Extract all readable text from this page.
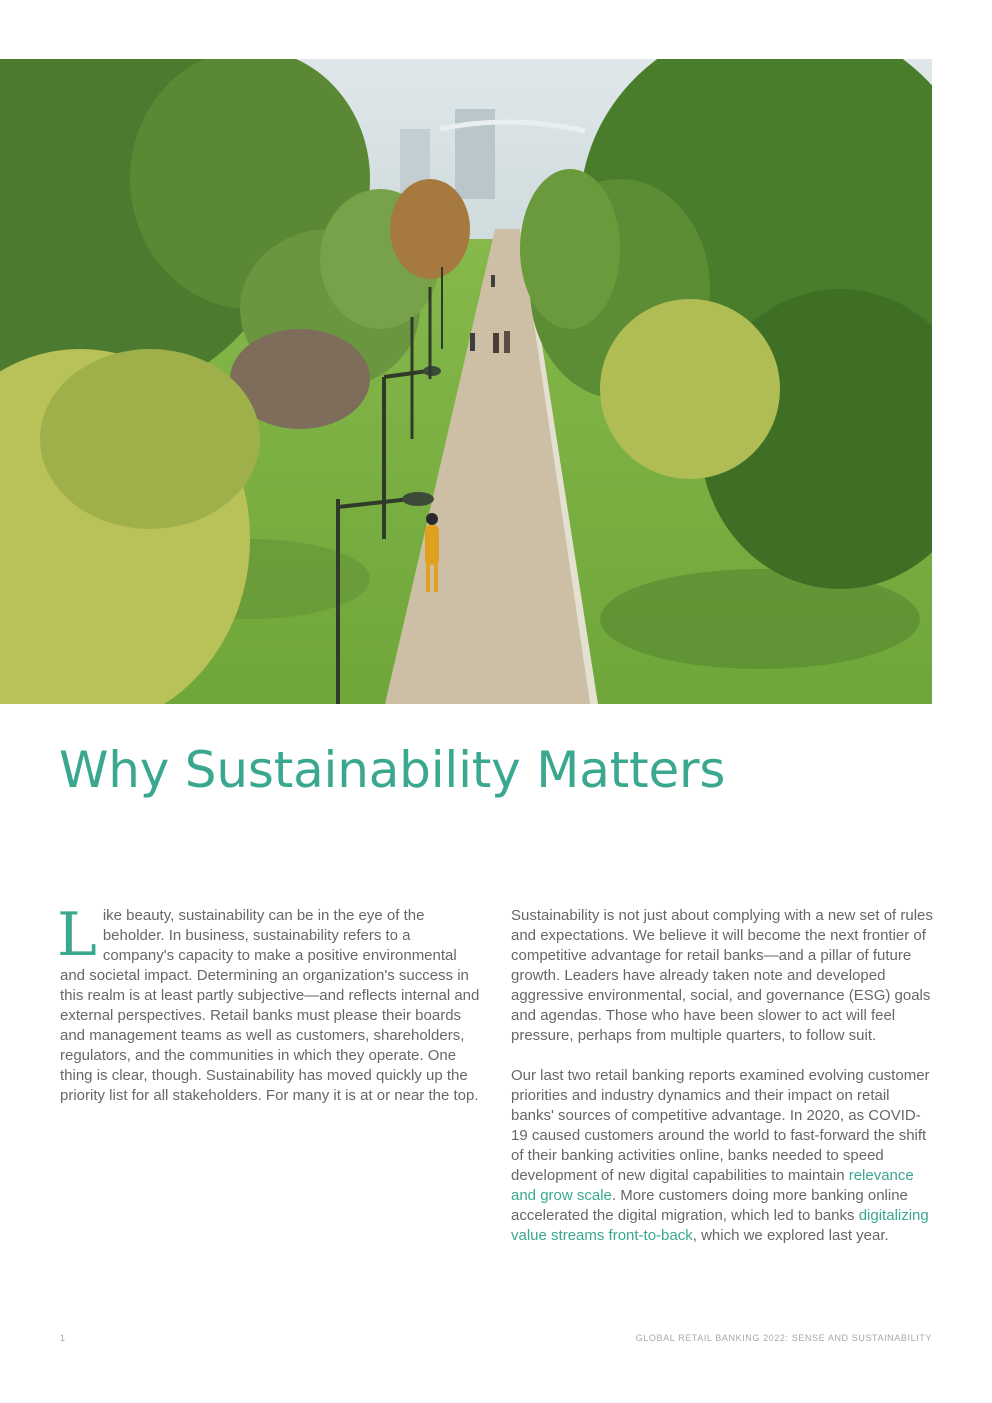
Why Sustainability Matters

Like beauty, sustainability can be in the eye of the beholder. In business, sustainability refers to a company's capacity to make a positive environmental and societal impact. Determining an organization's success in this realm is at least partly subjective—and reflects internal and external perspectives. Retail banks must please their boards and management teams as well as customers, shareholders, regulators, and the communities in which they operate. One thing is clear, though. Sustainability has moved quickly up the priority list for all stakeholders. For many it is at or near the top.

Sustainability is not just about complying with a new set of rules and expectations. We believe it will become the next frontier of competitive advantage for retail banks—and a pillar of future growth. Leaders have already taken note and developed aggressive environmental, social, and governance (ESG) goals and agendas. Those who have been slower to act will feel pressure, perhaps from multiple quarters, to follow suit.

Our last two retail banking reports examined evolving customer priorities and industry dynamics and their impact on retail banks' sources of competitive advantage. In 2020, as COVID-19 caused customers around the world to fast-forward the shift of their banking activities online, banks needed to speed development of new digital capabilities to maintain relevance and grow scale. More customers doing more banking online accelerated the digital migration, which led to banks digitalizing value streams front-to-back, which we explored last year.

1	GLOBAL RETAIL BANKING 2022: SENSE AND SUSTAINABILITY
